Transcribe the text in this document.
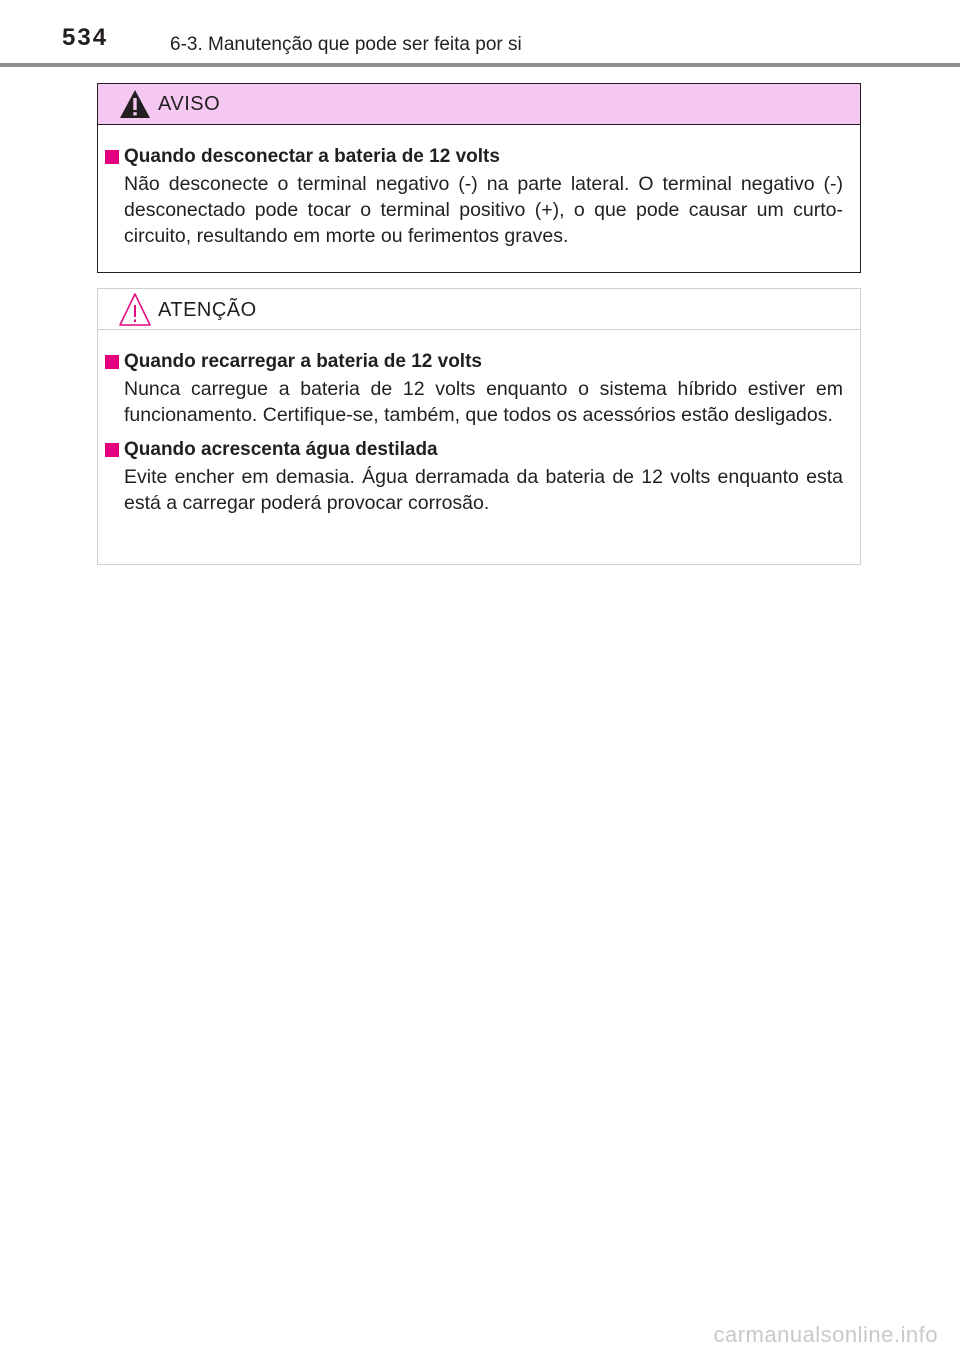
534	6-3. Manutenção que pode ser feita por si
AVISO
Quando desconectar a bateria de 12 volts
Não desconecte o terminal negativo (-) na parte lateral. O terminal negativo (-) desconectado pode tocar o terminal positivo (+), o que pode causar um curto-circuito, resultando em morte ou ferimentos graves.
ATENÇÃO
Quando recarregar a bateria de 12 volts
Nunca carregue a bateria de 12 volts enquanto o sistema híbrido estiver em funcionamento. Certifique-se, também, que todos os acessórios estão desligados.
Quando acrescenta água destilada
Evite encher em demasia. Água derramada da bateria de 12 volts enquanto esta está a carregar poderá provocar corrosão.
carmanualsonline.info
